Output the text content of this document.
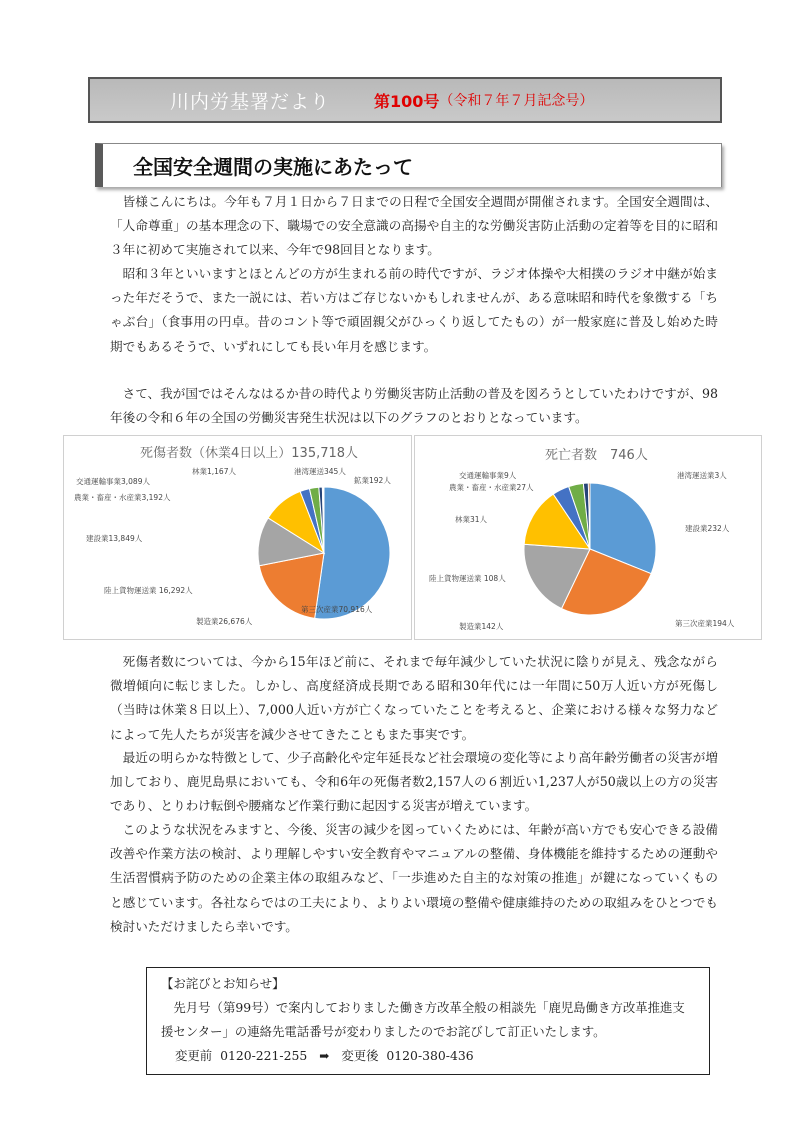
川内労基署だより	第100号 （令和７年７月記念号）
全国安全週間の実施にあたって

皆様こんにちは。今年も７月１日から７日までの日程で全国安全週間が開催されます。全国安全週間は、「人命尊重」の基本理念の下、職場での安全意識の高揚や自主的な労働災害防止活動の定着等を目的に昭和３年に初めて実施されて以来、今年で98回目となります。

昭和３年といいますとほとんどの方が生まれる前の時代ですが、ラジオ体操や大相撲のラジオ中継が始まった年だそうで、また一説には、若い方はご存じないかもしれませんが、ある意味昭和時代を象徴する「ちゃぶ台」（食事用の円卓。昔のコント等で頑固親父がひっくり返してたもの）が一般家庭に普及し始めた時期でもあるそうで、いずれにしても長い年月を感じます。

さて、我が国ではそんなはるか昔の時代より労働災害防止活動の普及を図ろうとしていたわけですが、98年後の令和６年の全国の労働災害発生状況は以下のグラフのとおりとなっています。

死傷者数（休業4日以上）135,718人
第三次産業70,916人
製造業26,676人
陸上貨物運送業 16,292人
建設業13,849人
農業・畜産・水産業3,192人
交通運輸事業3,089人
林業1,167人	港湾運送345人
鉱業192人
死亡者数　746人
建設業232人
第三次産業194人
製造業142人
陸上貨物運送業 108人
林業31人
農業・畜産・水産業27人
交通運輸事業9人	港湾運送業3人

死傷者数については、今から15年ほど前に、それまで毎年減少していた状況に陰りが見え、残念ながら微増傾向に転じました。しかし、高度経済成長期である昭和30年代には一年間に50万人近い方が死傷し（当時は休業８日以上）、7,000人近い方が亡くなっていたことを考えると、企業における様々な努力などによって先人たちが災害を減少させてきたこともまた事実です。

最近の明らかな特徴として、少子高齢化や定年延長など社会環境の変化等により高年齢労働者の災害が増加しており、鹿児島県においても、令和6年の死傷者数2,157人の６割近い1,237人が50歳以上の方の災害であり、とりわけ転倒や腰痛など作業行動に起因する災害が増えています。

このような状況をみますと、今後、災害の減少を図っていくためには、年齢が高い方でも安心できる設備改善や作業方法の検討、より理解しやすい安全教育やマニュアルの整備、身体機能を維持するための運動や生活習慣病予防のための企業主体の取組みなど、「一歩進めた自主的な対策の推進」が鍵になっていくものと感じています。各社ならではの工夫により、よりよい環境の整備や健康維持のための取組みをひとつでも検討いただけましたら幸いです。

【お詫びとお知らせ】

先月号（第99号）で案内しておりました働き方改革全般の相談先「鹿児島働き方改革推進支援センター」の連絡先電話番号が変わりましたのでお詫びして訂正いたします。

変更前
0120-221-255 ➡ 変更後
0120-380-436
